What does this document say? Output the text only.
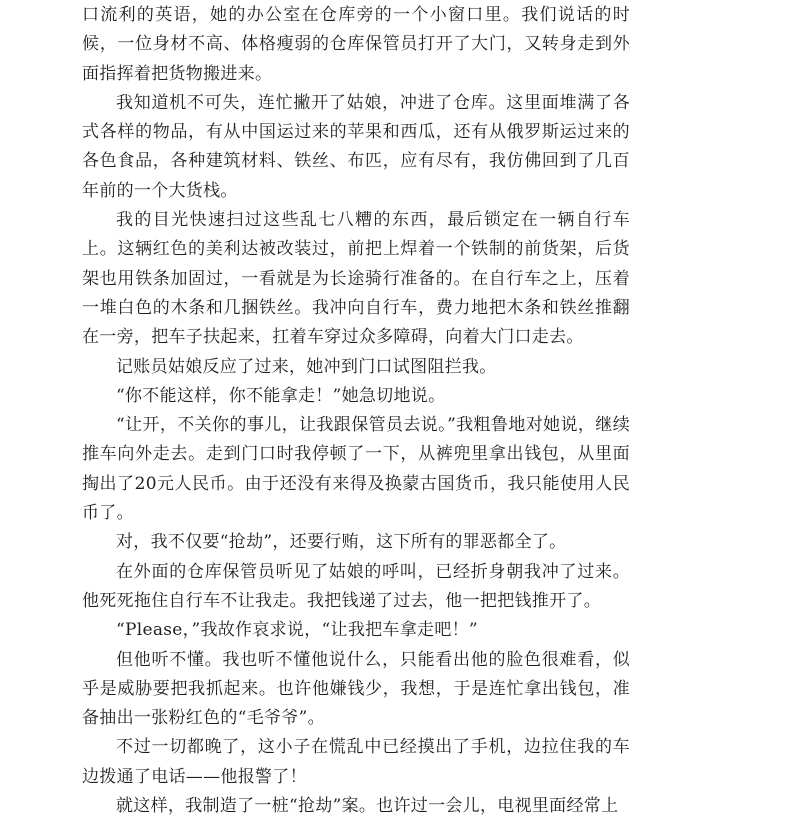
口流利的英语，她的办公室在仓库旁的一个小窗口里。我们说话的时候，一位身材不高、体格瘦弱的仓库保管员打开了大门，又转身走到外面指挥着把货物搬进来。

我知道机不可失，连忙撇开了姑娘，冲进了仓库。这里面堆满了各式各样的物品，有从中国运过来的苹果和西瓜，还有从俄罗斯运过来的各色食品，各种建筑材料、铁丝、布匹，应有尽有，我仿佛回到了几百年前的一个大货栈。

我的目光快速扫过这些乱七八糟的东西，最后锁定在一辆自行车上。这辆红色的美利达被改装过，前把上焊着一个铁制的前货架，后货架也用铁条加固过，一看就是为长途骑行准备的。在自行车之上，压着一堆白色的木条和几捆铁丝。我冲向自行车，费力地把木条和铁丝推翻在一旁，把车子扶起来，扛着车穿过众多障碍，向着大门口走去。

记账员姑娘反应了过来，她冲到门口试图阻拦我。

“你不能这样，你不能拿走！”她急切地说。

“让开，不关你的事儿，让我跟保管员去说。”我粗鲁地对她说，继续推车向外走去。走到门口时我停顿了一下，从裤兜里拿出钱包，从里面掏出了20元人民币。由于还没有来得及换蒙古国货币，我只能使用人民币了。

对，我不仅要“抢劫”，还要行贿，这下所有的罪恶都全了。

在外面的仓库保管员听见了姑娘的呼叫，已经折身朝我冲了过来。他死死拖住自行车不让我走。我把钱递了过去，他一把把钱推开了。

“Please，”我故作哀求说，“让我把车拿走吧！”

但他听不懂。我也听不懂他说什么，只能看出他的脸色很难看，似乎是威胁要把我抓起来。也许他嫌钱少，我想，于是连忙拿出钱包，准备抽出一张粉红色的“毛爷爷”。

不过一切都晚了，这小子在慌乱中已经摸出了手机，边拉住我的车边拨通了电话——他报警了！

就这样，我制造了一桩“抢劫”案。也许过一会儿，电视里面经常上
